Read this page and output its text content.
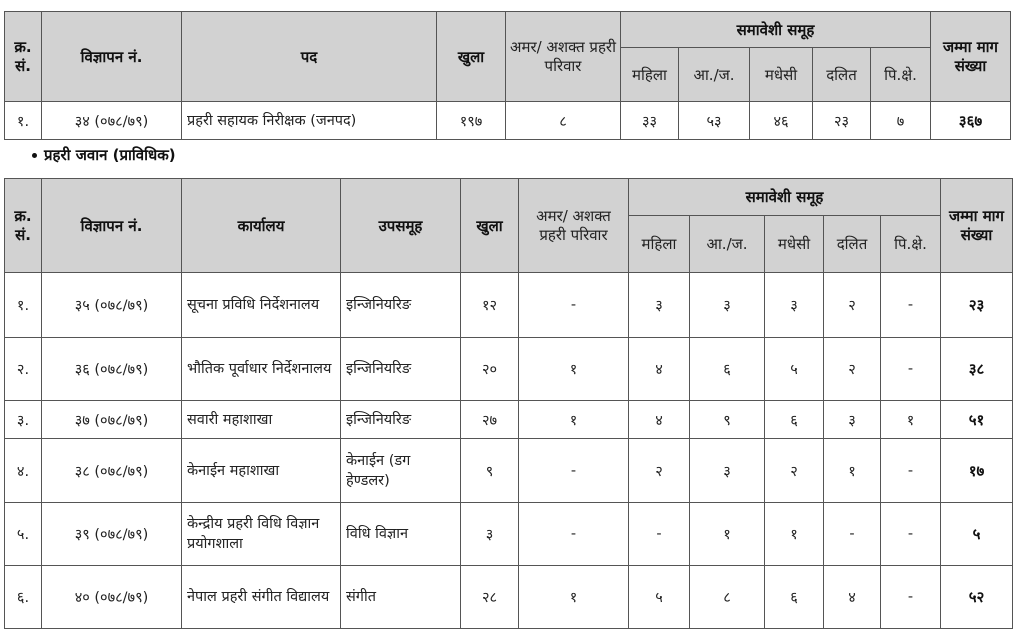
क्र. सं.	विज्ञापन नं.	पद	खुला	अमर/ अशक्त प्रहरी परिवार	समावेशी समूह					जम्मा माग संख्या
					महिला	आ./ज.	मधेसी	दलित	पि.क्षे.	
१.	३४ (०७८/७९)	प्रहरी सहायक निरीक्षक (जनपद)	१९७	८	३३	५३	४६	२३	७	३६७
प्रहरी जवान (प्राविधिक)
क्र. सं.	विज्ञापन नं.	कार्यालय	उपसमूह	खुला	अमर/ अशक्त प्रहरी परिवार	समावेशी समूह					जम्मा माग संख्या
						महिला	आ./ज.	मधेसी	दलित	पि.क्षे.	
१.	३५ (०७८/७९)	सूचना प्रविधि निर्देशनालय	इन्जिनियरिङ	१२	-	३	३	३	२	-	२३
२.	३६ (०७८/७९)	भौतिक पूर्वाधार निर्देशनालय	इन्जिनियरिङ	२०	१	४	६	५	२	-	३८
३.	३७ (०७८/७९)	सवारी महाशाखा	इन्जिनियरिङ	२७	१	४	९	६	३	१	५१
४.	३८ (०७८/७९)	केनाईन महाशाखा	केनाईन (डग हेण्डलर)	९	-	२	३	२	१	-	१७
५.	३९ (०७८/७९)	केन्द्रीय प्रहरी विधि विज्ञान प्रयोगशाला	विधि विज्ञान	३	-	-	१	१	-	-	५
६.	४० (०७८/७९)	नेपाल प्रहरी संगीत विद्यालय	संगीत	२८	१	५	८	६	४	-	५२
